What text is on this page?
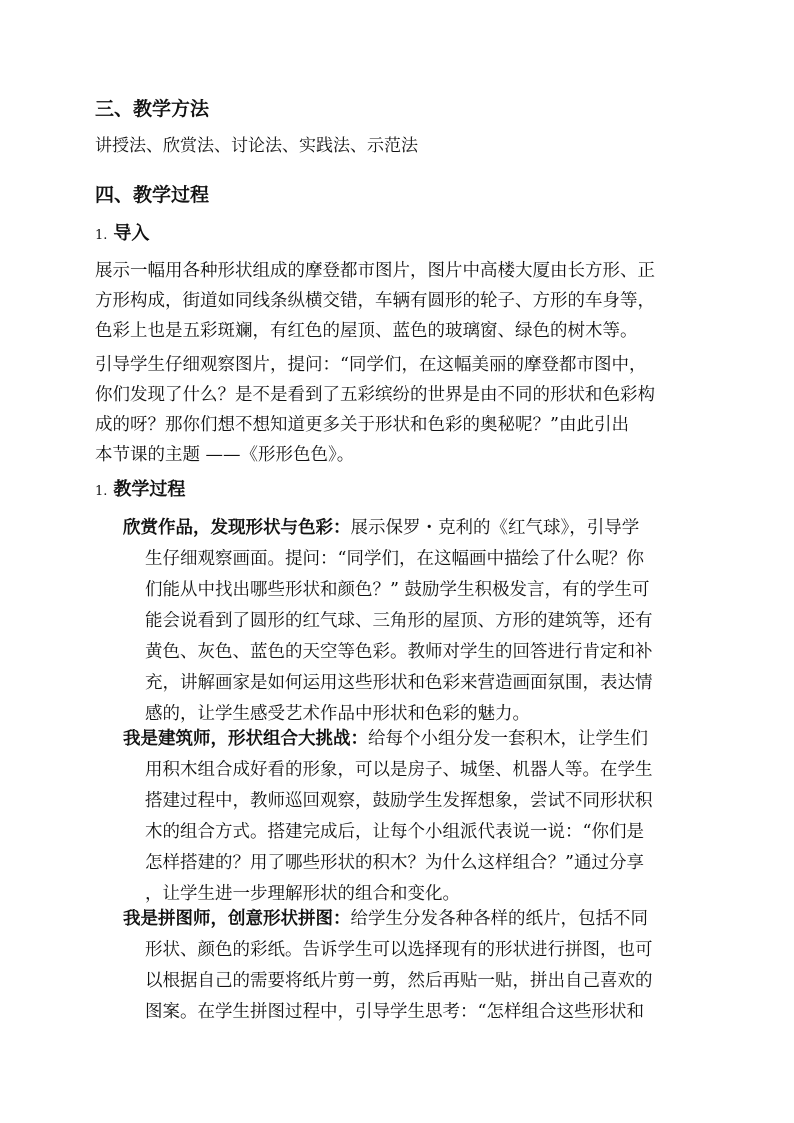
三、教学方法
讲授法、欣赏法、讨论法、实践法、示范法
四、教学过程
1. 导入
展示一幅用各种形状组成的摩登都市图片，图片中高楼大厦由长方形、正
方形构成，街道如同线条纵横交错，车辆有圆形的轮子、方形的车身等，
色彩上也是五彩斑斓，有红色的屋顶、蓝色的玻璃窗、绿色的树木等。
引导学生仔细观察图片，提问：“同学们，在这幅美丽的摩登都市图中，
你们发现了什么？是不是看到了五彩缤纷的世界是由不同的形状和色彩构
成的呀？那你们想不想知道更多关于形状和色彩的奥秘呢？”由此引出
本节课的主题 ——《形形色色》。
1. 教学过程
欣赏作品，发现形状与色彩：展示保罗・克利的《红气球》，引导学
生仔细观察画面。提问：“同学们，在这幅画中描绘了什么呢？你
们能从中找出哪些形状和颜色？” 鼓励学生积极发言，有的学生可
能会说看到了圆形的红气球、三角形的屋顶、方形的建筑等，还有
黄色、灰色、蓝色的天空等色彩。教师对学生的回答进行肯定和补
充，讲解画家是如何运用这些形状和色彩来营造画面氛围，表达情
感的，让学生感受艺术作品中形状和色彩的魅力。
我是建筑师，形状组合大挑战：给每个小组分发一套积木，让学生们
用积木组合成好看的形象，可以是房子、城堡、机器人等。在学生
搭建过程中，教师巡回观察，鼓励学生发挥想象，尝试不同形状积
木的组合方式。搭建完成后，让每个小组派代表说一说：“你们是
怎样搭建的？用了哪些形状的积木？为什么这样组合？”通过分享
，让学生进一步理解形状的组合和变化。
我是拼图师，创意形状拼图：给学生分发各种各样的纸片，包括不同
形状、颜色的彩纸。告诉学生可以选择现有的形状进行拼图，也可
以根据自己的需要将纸片剪一剪，然后再贴一贴，拼出自己喜欢的
图案。在学生拼图过程中，引导学生思考：“怎样组合这些形状和
